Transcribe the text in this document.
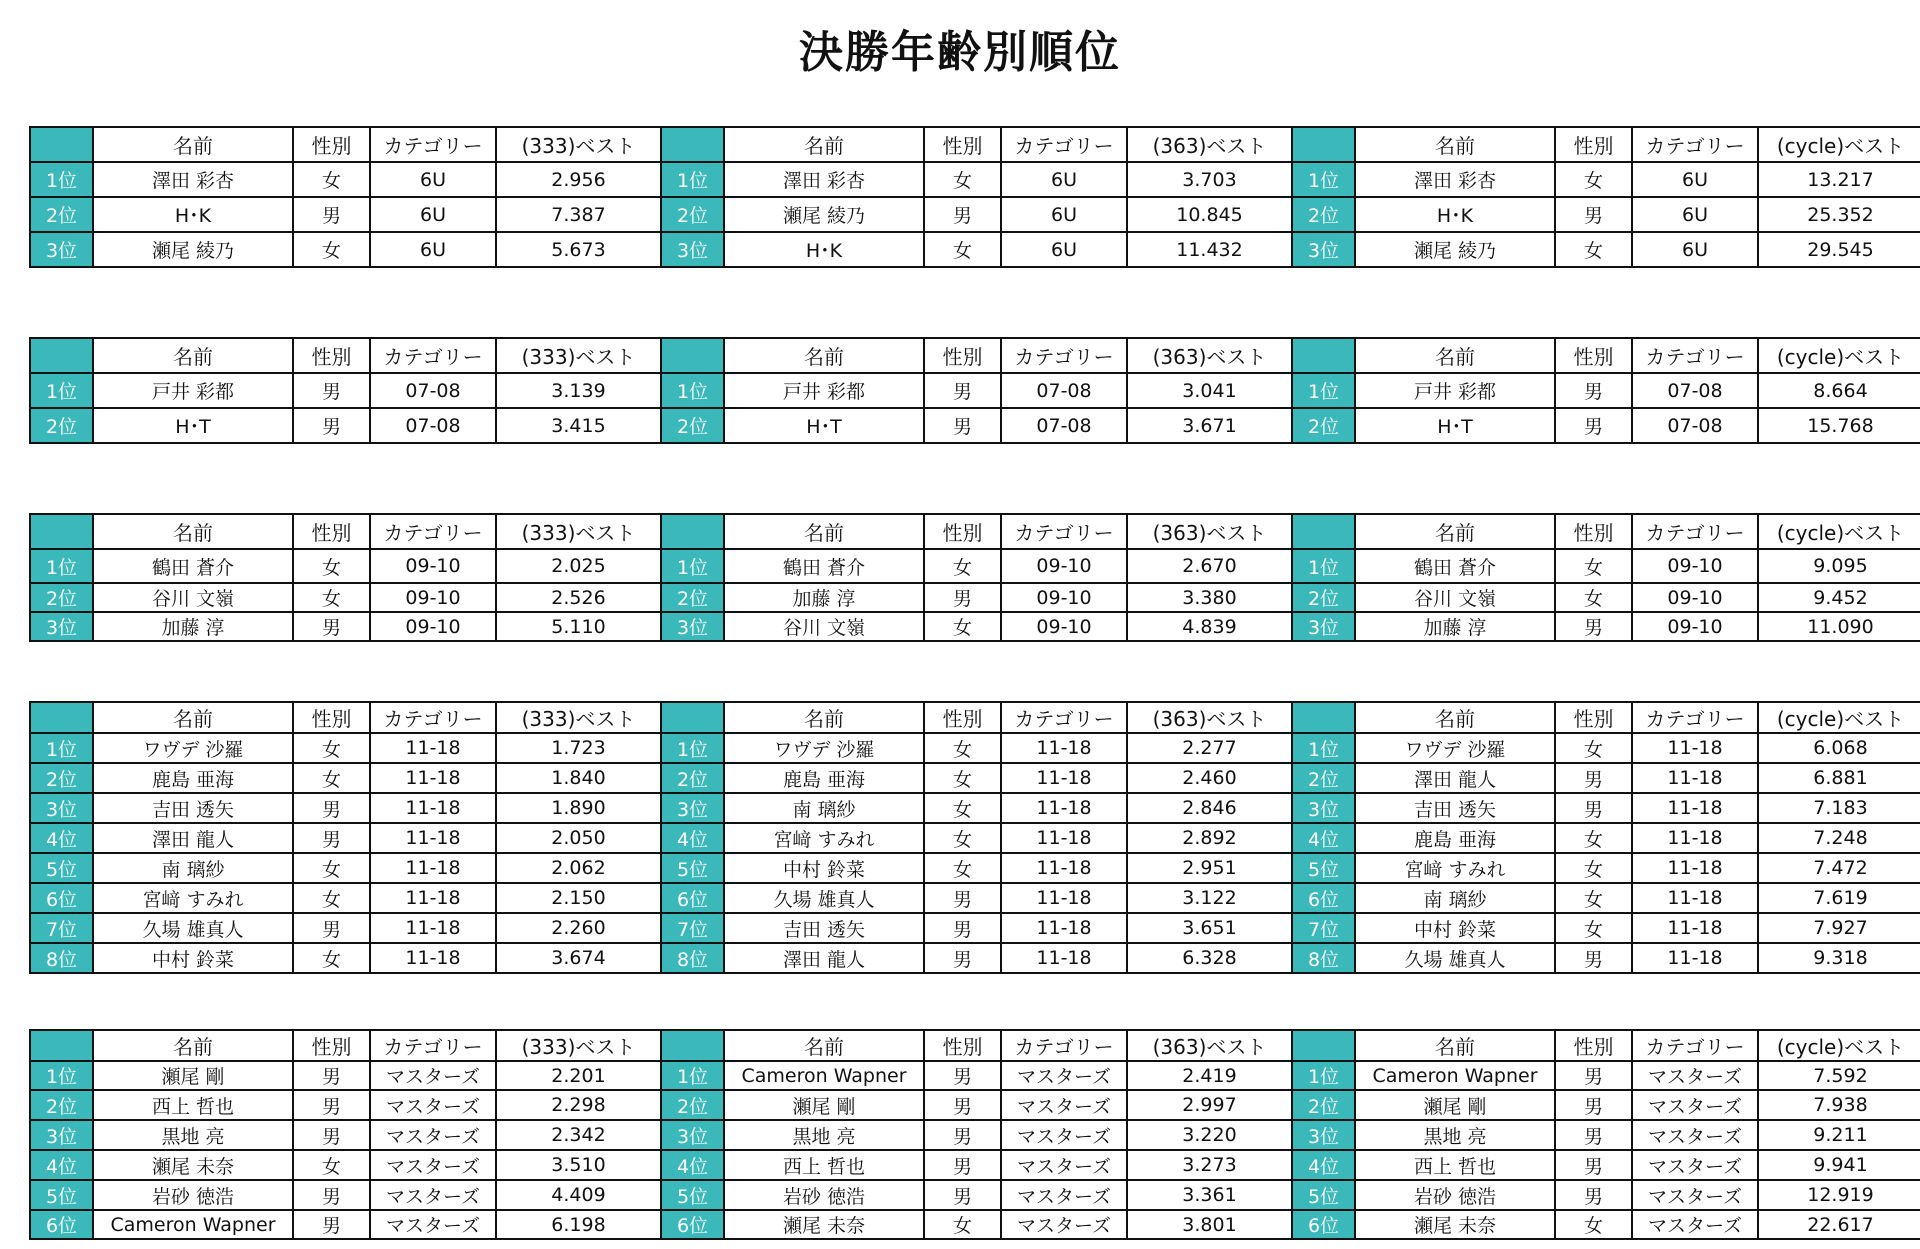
決勝年齢別順位
	名前	性別	カテゴリー	(333)ベスト		名前	性別	カテゴリー	(363)ベスト		名前	性別	カテゴリー	(cycle)ベスト
1位	澤田 彩杏	女	6U	2.956	1位	澤田 彩杏	女	6U	3.703	1位	澤田 彩杏	女	6U	13.217
2位	H･K	男	6U	7.387	2位	瀬尾 綾乃	男	6U	10.845	2位	H･K	男	6U	25.352
3位	瀬尾 綾乃	女	6U	5.673	3位	H･K	女	6U	11.432	3位	瀬尾 綾乃	女	6U	29.545
	名前	性別	カテゴリー	(333)ベスト		名前	性別	カテゴリー	(363)ベスト		名前	性別	カテゴリー	(cycle)ベスト
1位	戸井 彩都	男	07-08	3.139	1位	戸井 彩都	男	07-08	3.041	1位	戸井 彩都	男	07-08	8.664
2位	H･T	男	07-08	3.415	2位	H･T	男	07-08	3.671	2位	H･T	男	07-08	15.768
	名前	性別	カテゴリー	(333)ベスト		名前	性別	カテゴリー	(363)ベスト		名前	性別	カテゴリー	(cycle)ベスト
1位	鶴田 蒼介	女	09-10	2.025	1位	鶴田 蒼介	女	09-10	2.670	1位	鶴田 蒼介	女	09-10	9.095
2位	谷川 文嶺	女	09-10	2.526	2位	加藤 淳	男	09-10	3.380	2位	谷川 文嶺	女	09-10	9.452
3位	加藤 淳	男	09-10	5.110	3位	谷川 文嶺	女	09-10	4.839	3位	加藤 淳	男	09-10	11.090
	名前	性別	カテゴリー	(333)ベスト		名前	性別	カテゴリー	(363)ベスト		名前	性別	カテゴリー	(cycle)ベスト
1位	ワヴデ 沙羅	女	11-18	1.723	1位	ワヴデ 沙羅	女	11-18	2.277	1位	ワヴデ 沙羅	女	11-18	6.068
2位	鹿島 亜海	女	11-18	1.840	2位	鹿島 亜海	女	11-18	2.460	2位	澤田 龍人	男	11-18	6.881
3位	吉田 透矢	男	11-18	1.890	3位	南 璃紗	女	11-18	2.846	3位	吉田 透矢	男	11-18	7.183
4位	澤田 龍人	男	11-18	2.050	4位	宮﨑 すみれ	女	11-18	2.892	4位	鹿島 亜海	女	11-18	7.248
5位	南 璃紗	女	11-18	2.062	5位	中村 鈴菜	女	11-18	2.951	5位	宮﨑 すみれ	女	11-18	7.472
6位	宮﨑 すみれ	女	11-18	2.150	6位	久場 雄真人	男	11-18	3.122	6位	南 璃紗	女	11-18	7.619
7位	久場 雄真人	男	11-18	2.260	7位	吉田 透矢	男	11-18	3.651	7位	中村 鈴菜	女	11-18	7.927
8位	中村 鈴菜	女	11-18	3.674	8位	澤田 龍人	男	11-18	6.328	8位	久場 雄真人	男	11-18	9.318
	名前	性別	カテゴリー	(333)ベスト		名前	性別	カテゴリー	(363)ベスト		名前	性別	カテゴリー	(cycle)ベスト
1位	瀬尾 剛	男	マスターズ	2.201	1位	Cameron Wapner	男	マスターズ	2.419	1位	Cameron Wapner	男	マスターズ	7.592
2位	西上 哲也	男	マスターズ	2.298	2位	瀬尾 剛	男	マスターズ	2.997	2位	瀬尾 剛	男	マスターズ	7.938
3位	黒地 亮	男	マスターズ	2.342	3位	黒地 亮	男	マスターズ	3.220	3位	黒地 亮	男	マスターズ	9.211
4位	瀬尾 未奈	女	マスターズ	3.510	4位	西上 哲也	男	マスターズ	3.273	4位	西上 哲也	男	マスターズ	9.941
5位	岩砂 徳浩	男	マスターズ	4.409	5位	岩砂 徳浩	男	マスターズ	3.361	5位	岩砂 徳浩	男	マスターズ	12.919
6位	Cameron Wapner	男	マスターズ	6.198	6位	瀬尾 未奈	女	マスターズ	3.801	6位	瀬尾 未奈	女	マスターズ	22.617
